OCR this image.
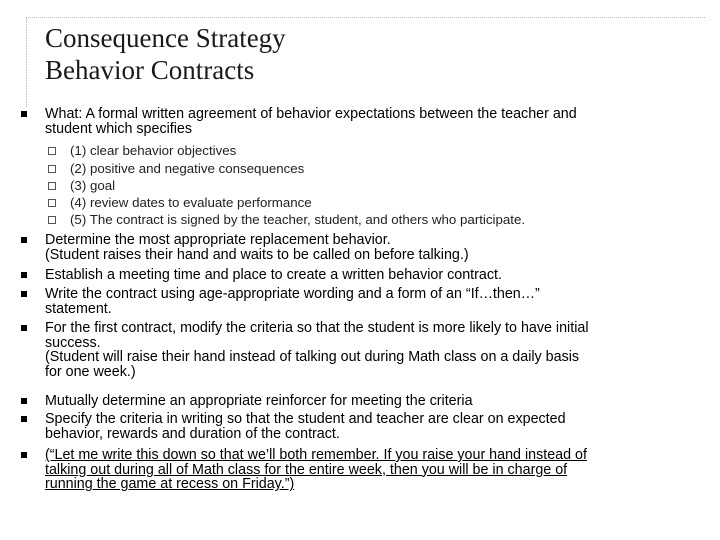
Consequence Strategy
Behavior Contracts
What: A formal written agreement of behavior expectations between the teacher and
student which specifies
(1) clear behavior objectives
(2) positive and negative consequences
(3) goal
(4) review dates to evaluate performance
(5) The contract is signed by the teacher, student, and others who participate.
Determine the most appropriate replacement behavior.
(Student raises their hand and waits to be called on before talking.)
Establish a meeting time and place to create a written behavior contract.
Write the contract using age-appropriate wording and a form of an “If…then…”
statement.
For the first contract, modify the criteria so that the student is more likely to have initial
success.
(Student will raise their hand instead of talking out during Math class on a daily basis
for one week.)
Mutually determine an appropriate reinforcer for meeting the criteria
Specify the criteria in writing so that the student and teacher are clear on expected
behavior, rewards and duration of the contract.
(“Let me write this down so that we’ll both remember. If you raise your hand instead of
talking out during all of Math class for the entire week, then you will be in charge of
running the game at recess on Friday.”)
